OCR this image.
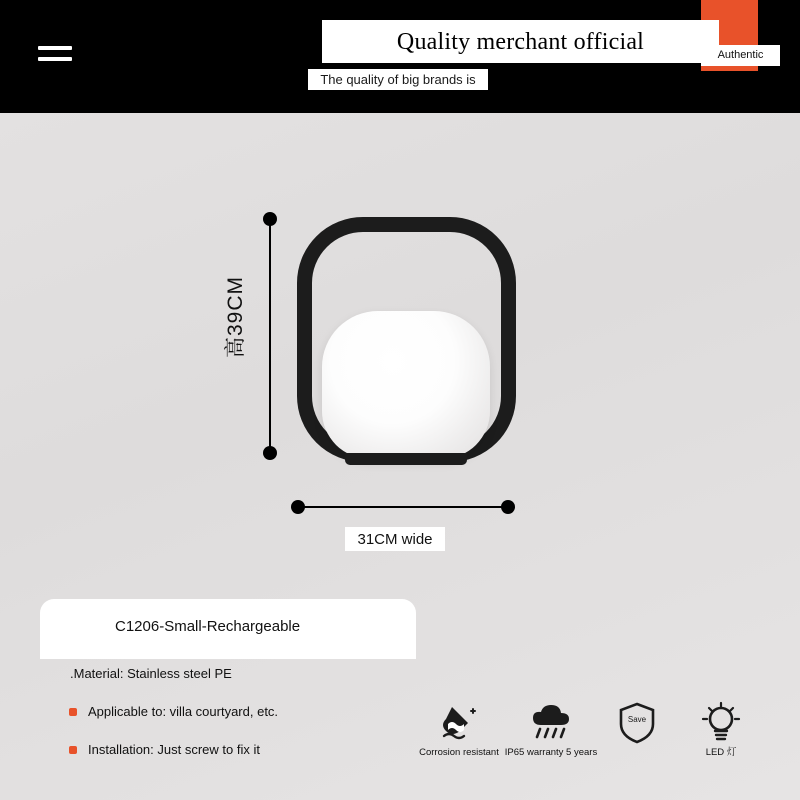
Quality merchant official	Authentic
The quality of big brands is
高39CM
31CM wide
C1206-Small-Rechargeable
.Material: Stainless steel PE
Applicable to: villa courtyard, etc.
Installation: Just screw to fix it	Corrosion resistant IP65 warranty 5 years
Save

LED 灯
